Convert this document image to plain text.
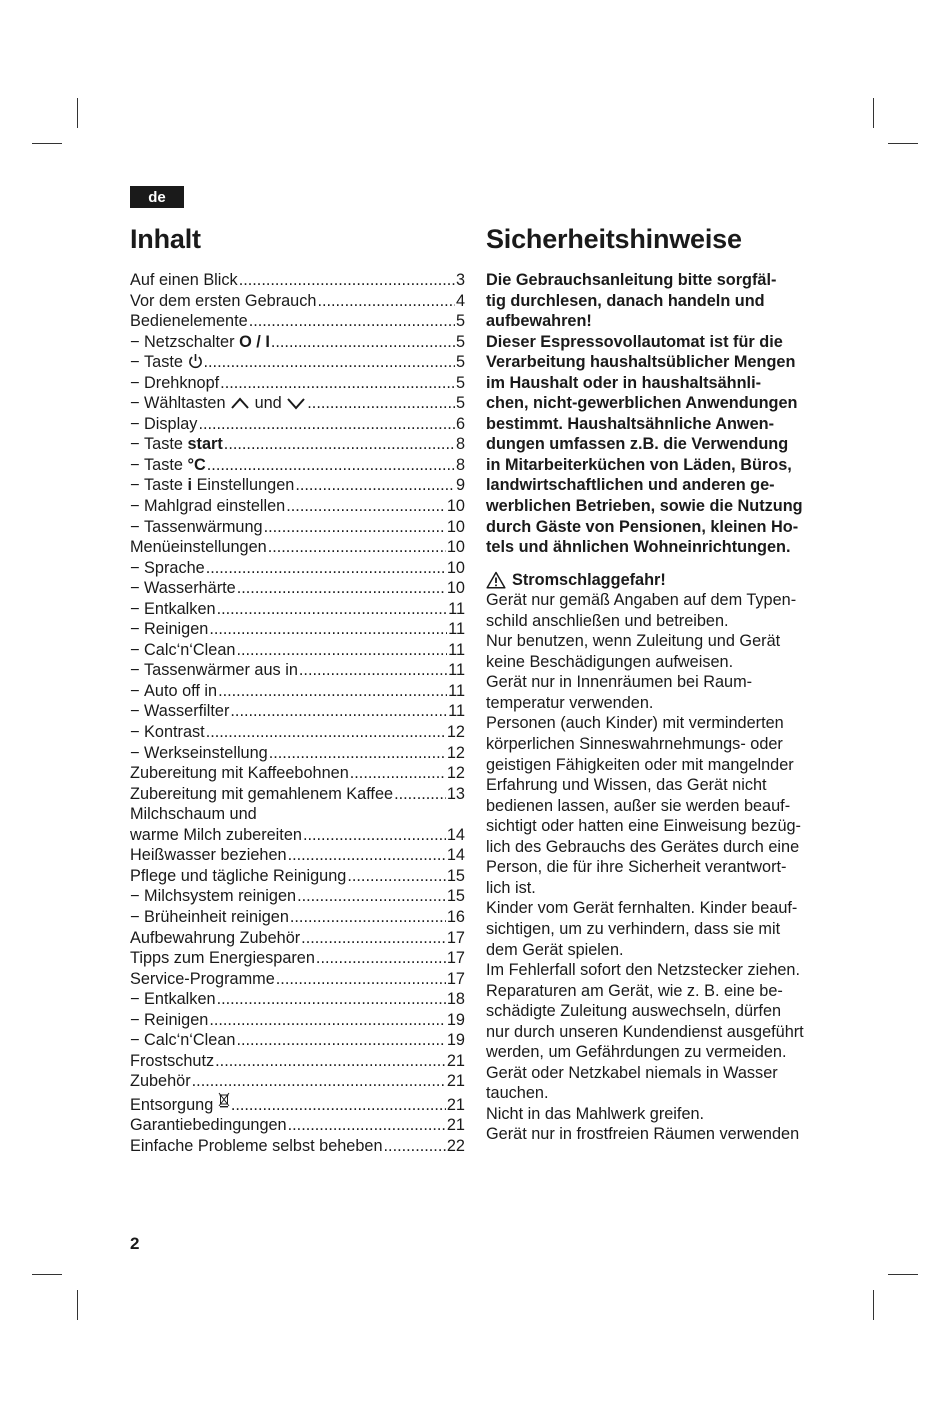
de
Inhalt	Sicherheitshinweise
Auf einen Blick .....	3
Vor dem ersten Gebrauch .....	4
Bedienelemente .....	5
− Netzschalter O / I .....	5
− Taste .....	5
− Drehknopf .....	5
− Wähltasten und .....	5
− Display .....	6
− Taste start .....	8
− Taste °C .....	8
− Taste i Einstellungen .....	9
− Mahlgrad einstellen .....	10
− Tassenwärmung .....	10
Menüeinstellungen .....	10
− Sprache .....	10
− Wasserhärte .....	10
− Entkalken .....	11
− Reinigen .....	11
− Calc‘n‘Clean .....	11
− Tassenwärmer aus in .....	11
− Auto off in .....	11
− Wasserfilter .....	11
− Kontrast .....	12
− Werkseinstellung .....	12
Zubereitung mit Kaffeebohnen .....	12
Zubereitung mit gemahlenem Kaffee .....	13
Milchschaum und
warme Milch zubereiten .....	14
Heißwasser beziehen .....	14
Pflege und tägliche Reinigung .....	15
− Milchsystem reinigen .....	15
− Brüheinheit reinigen .....	16
Aufbewahrung Zubehör .....	17
Tipps zum Energiesparen .....	17
Service-Programme .....	17
− Entkalken .....	18
− Reinigen .....	19
− Calc‘n‘Clean .....	19
Frostschutz .....	21
Zubehör .....	21
Entsorgung .....	21
Garantiebedingungen .....	21
Einfache Probleme selbst beheben .....	22
Die Gebrauchsanleitung bitte sorgfäl-
tig durchlesen, danach handeln und
aufbewahren!
Dieser Espressovollautomat ist für die
Verarbeitung haushaltsüblicher Mengen
im Haushalt oder in haushaltsähnli-
chen, nicht-gewerblichen Anwendungen
bestimmt. Haushaltsähnliche Anwen-
dungen umfassen z.B. die Verwendung
in Mitarbeiterküchen von Läden, Büros,
landwirtschaftlichen und anderen ge-
werblichen Betrieben, sowie die Nutzung
durch Gäste von Pensionen, kleinen Ho-
tels und ähnlichen Wohneinrichtungen.
Stromschlaggefahr!
Gerät nur gemäß Angaben auf dem Typen-
schild anschließen und betreiben.
Nur benutzen, wenn Zuleitung und Gerät
keine Beschädigungen aufweisen.
Gerät nur in Innenräumen bei Raum-
temperatur verwenden.
Personen (auch Kinder) mit verminderten
körperlichen Sinneswahrnehmungs- oder
geistigen Fähigkeiten oder mit mangelnder
Erfahrung und Wissen, das Gerät nicht
bedienen lassen, außer sie werden beauf-
sichtigt oder hatten eine Einweisung bezüg-
lich des Gebrauchs des Gerätes durch eine
Person, die für ihre Sicherheit verantwort-
lich ist.
Kinder vom Gerät fernhalten. Kinder beauf-
sichtigen, um zu verhindern, dass sie mit
dem Gerät spielen.
Im Fehlerfall sofort den Netzstecker ziehen.
Reparaturen am Gerät, wie z. B. eine be-
schädigte Zuleitung auswechseln, dürfen
nur durch unseren Kundendienst ausgeführt
werden, um Gefährdungen zu vermeiden.
Gerät oder Netzkabel niemals in Wasser
tauchen.
Nicht in das Mahlwerk greifen.
Gerät nur in frostfreien Räumen verwenden
2
